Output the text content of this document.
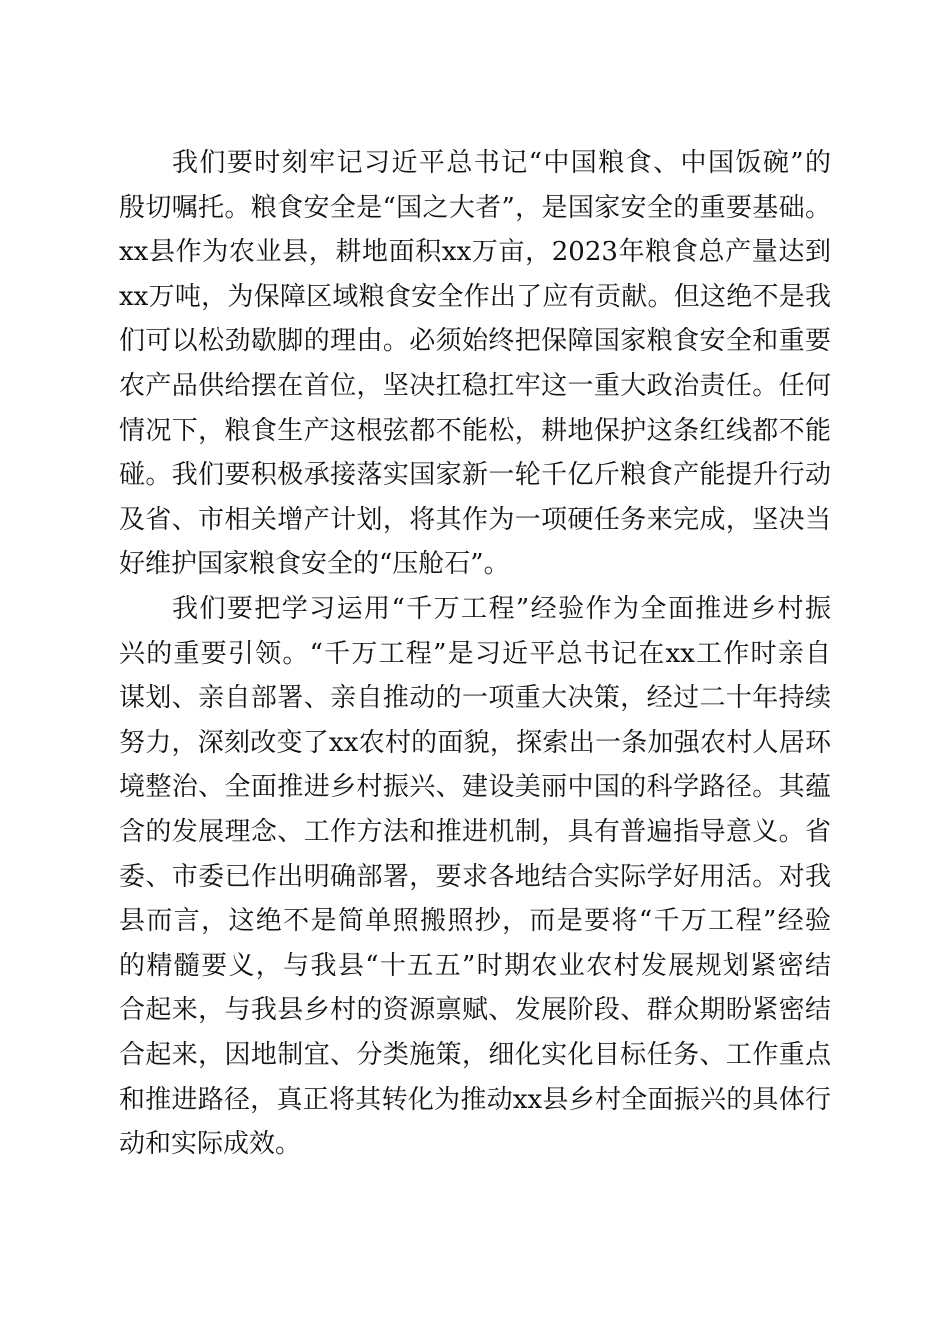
我们要时刻牢记习近平总书记“中国粮食、中国饭碗”的
殷切嘱托。粮食安全是“国之大者”，是国家安全的重要基础。
xx县作为农业县，耕地面积xx万亩，2023年粮食总产量达到
xx万吨，为保障区域粮食安全作出了应有贡献。但这绝不是我
们可以松劲歇脚的理由。必须始终把保障国家粮食安全和重要
农产品供给摆在首位，坚决扛稳扛牢这一重大政治责任。任何
情况下，粮食生产这根弦都不能松，耕地保护这条红线都不能
碰。我们要积极承接落实国家新一轮千亿斤粮食产能提升行动
及省、市相关增产计划，将其作为一项硬任务来完成，坚决当
好维护国家粮食安全的“压舱石”。
我们要把学习运用“千万工程”经验作为全面推进乡村振
兴的重要引领。“千万工程”是习近平总书记在xx工作时亲自
谋划、亲自部署、亲自推动的一项重大决策，经过二十年持续
努力，深刻改变了xx农村的面貌，探索出一条加强农村人居环
境整治、全面推进乡村振兴、建设美丽中国的科学路径。其蕴
含的发展理念、工作方法和推进机制，具有普遍指导意义。省
委、市委已作出明确部署，要求各地结合实际学好用活。对我
县而言，这绝不是简单照搬照抄，而是要将“千万工程”经验
的精髓要义，与我县“十五五”时期农业农村发展规划紧密结
合起来，与我县乡村的资源禀赋、发展阶段、群众期盼紧密结
合起来，因地制宜、分类施策，细化实化目标任务、工作重点
和推进路径，真正将其转化为推动xx县乡村全面振兴的具体行
动和实际成效。
